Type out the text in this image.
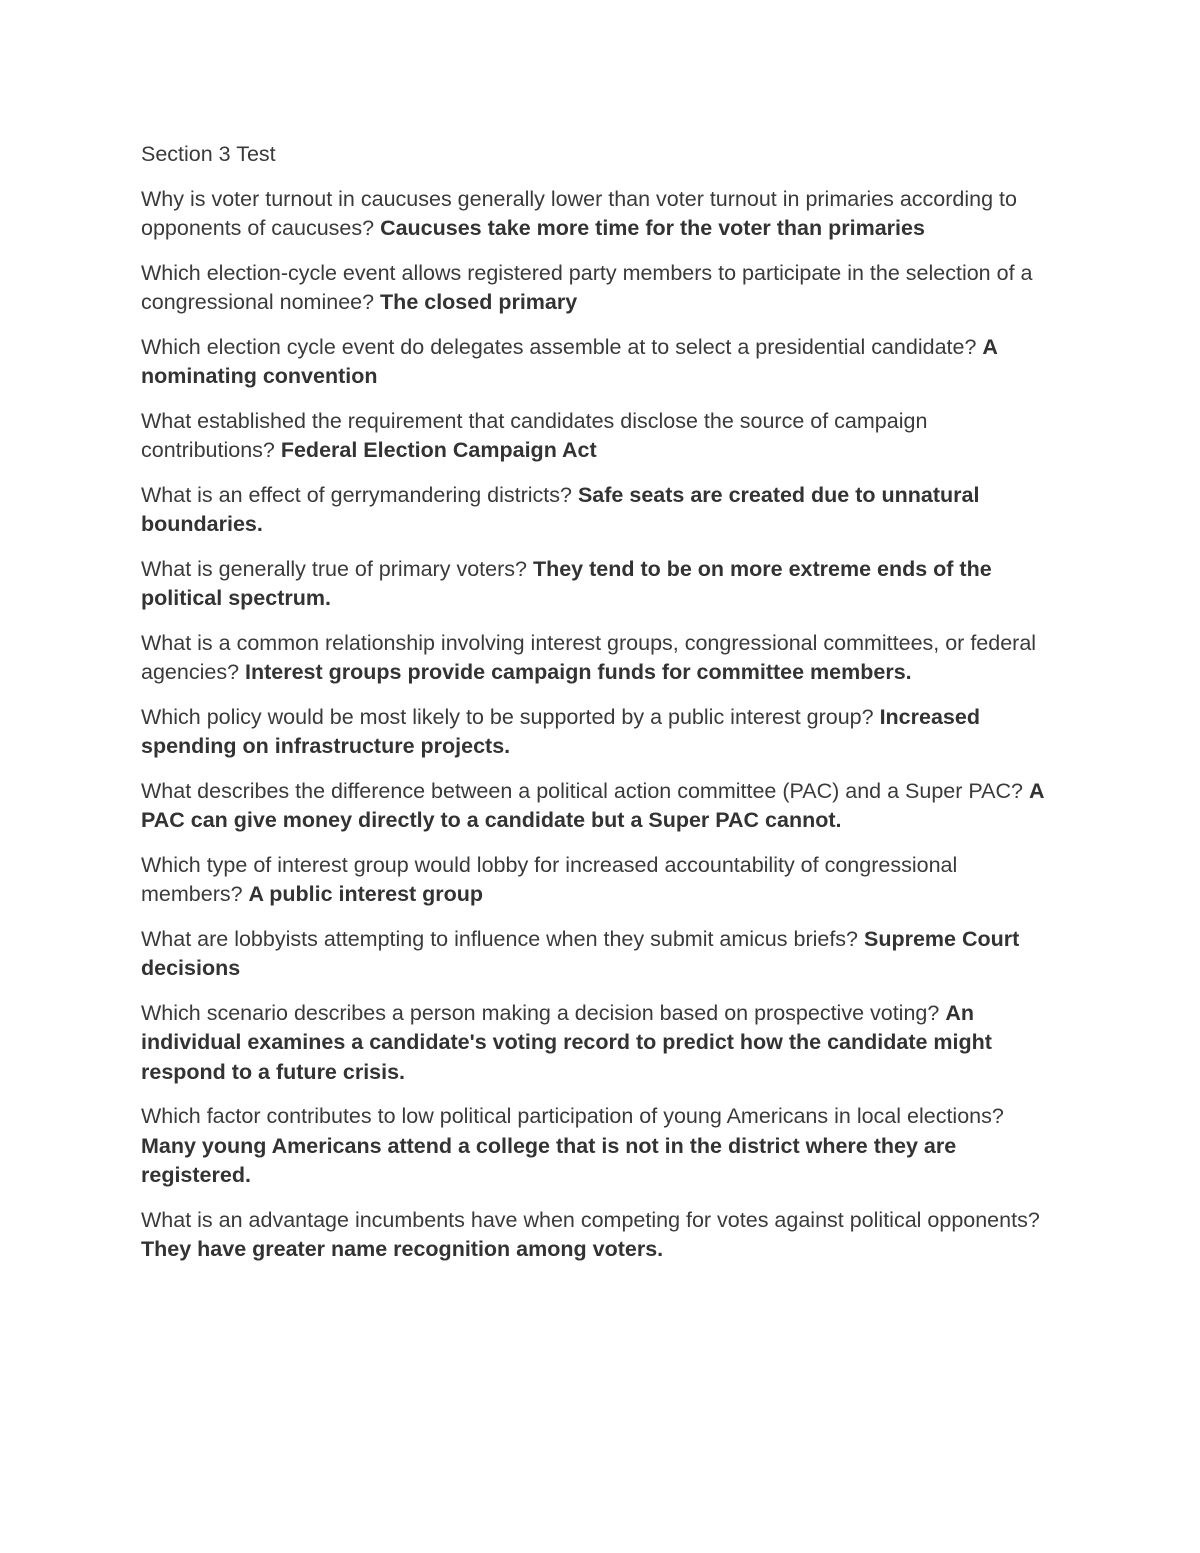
Section 3 Test

Why is voter turnout in caucuses generally lower than voter turnout in primaries according to opponents of caucuses? Caucuses take more time for the voter than primaries

Which election-cycle event allows registered party members to participate in the selection of a congressional nominee? The closed primary

Which election cycle event do delegates assemble at to select a presidential candidate? A nominating convention

What established the requirement that candidates disclose the source of campaign contributions? Federal Election Campaign Act

What is an effect of gerrymandering districts? Safe seats are created due to unnatural boundaries.

What is generally true of primary voters? They tend to be on more extreme ends of the political spectrum.

What is a common relationship involving interest groups, congressional committees, or federal agencies? Interest groups provide campaign funds for committee members.

Which policy would be most likely to be supported by a public interest group? Increased spending on infrastructure projects.

What describes the difference between a political action committee (PAC) and a Super PAC? A PAC can give money directly to a candidate but a Super PAC cannot.

Which type of interest group would lobby for increased accountability of congressional members? A public interest group

What are lobbyists attempting to influence when they submit amicus briefs? Supreme Court decisions

Which scenario describes a person making a decision based on prospective voting? An individual examines a candidate's voting record to predict how the candidate might respond to a future crisis.

Which factor contributes to low political participation of young Americans in local elections? Many young Americans attend a college that is not in the district where they are registered.

What is an advantage incumbents have when competing for votes against political opponents? They have greater name recognition among voters.
